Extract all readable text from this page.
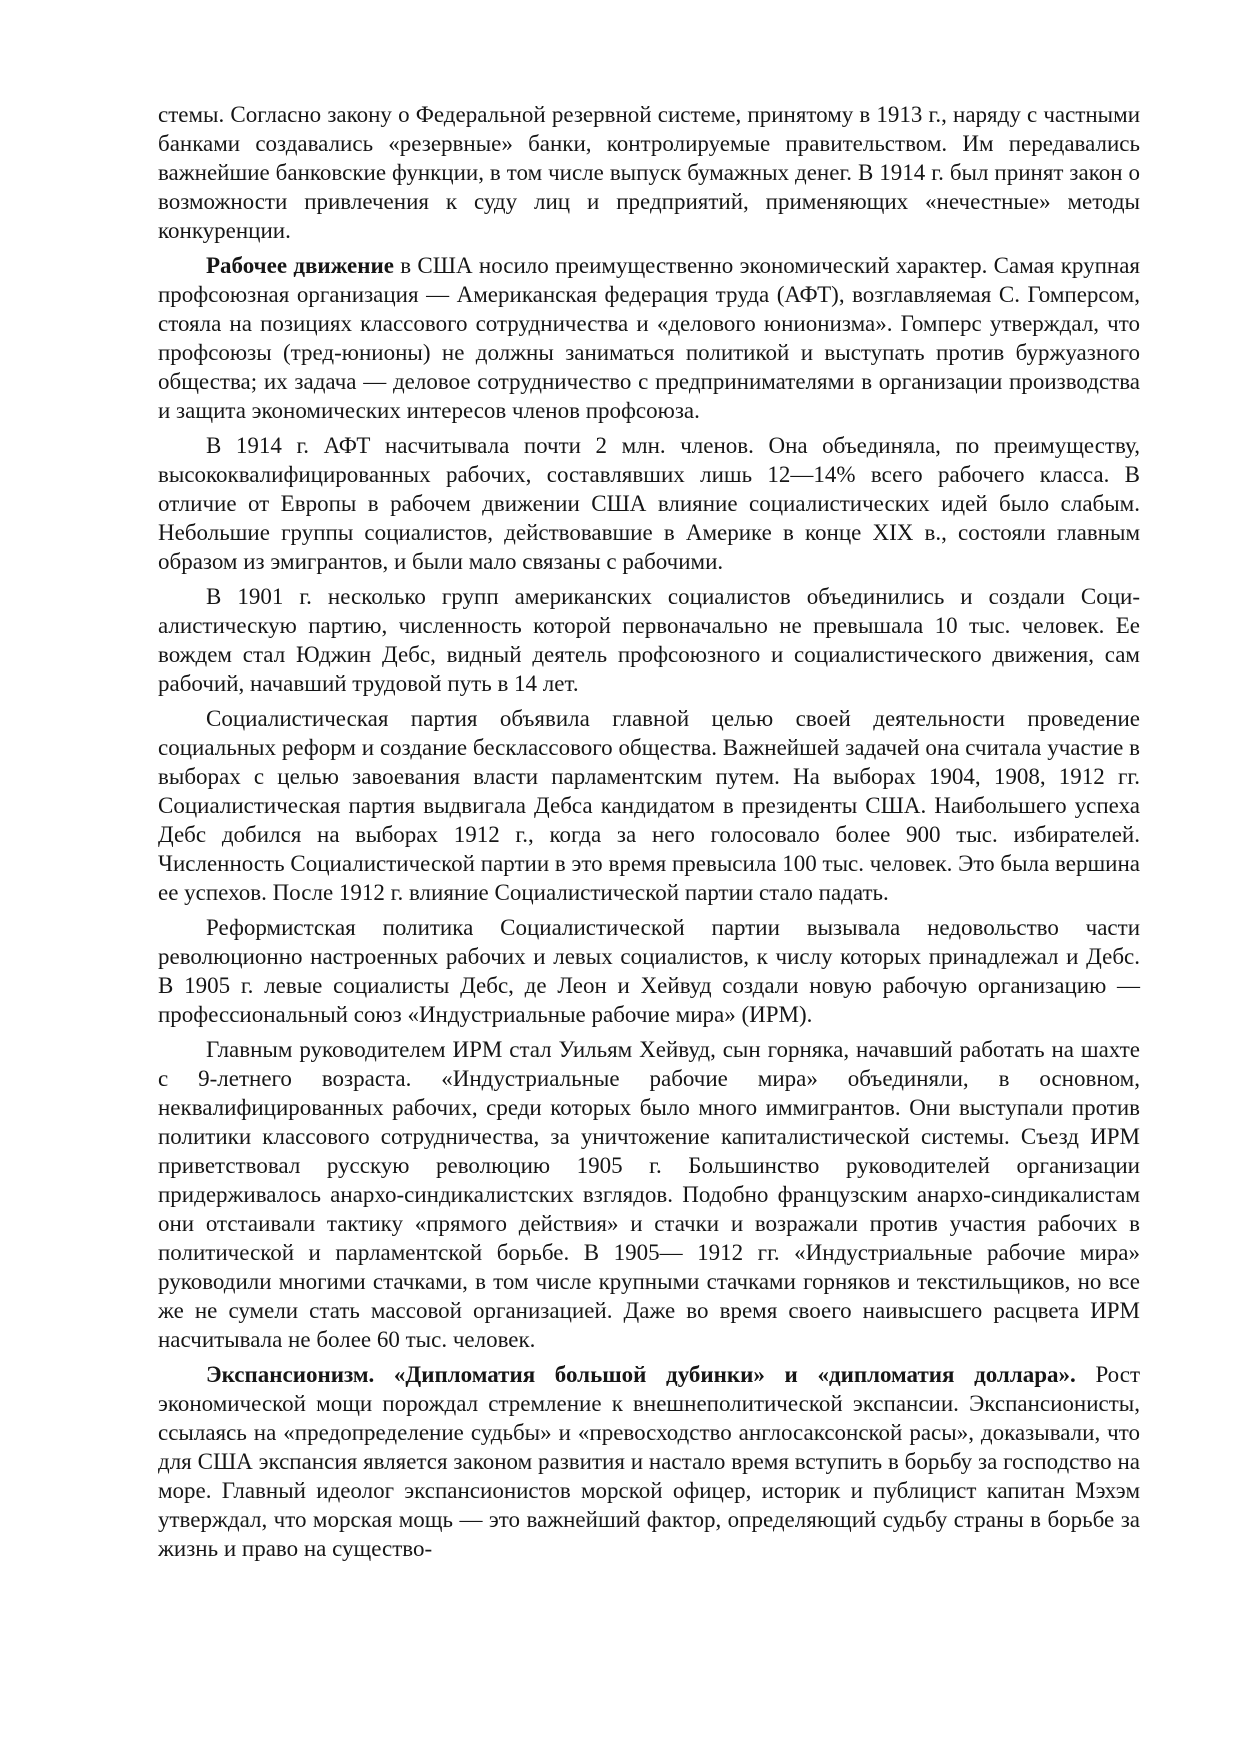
стемы. Согласно закону о Федеральной резервной системе, принятому в 1913 г., наряду с частными банками создавались «резервные» банки, контролируемые правительством. Им передавались важнейшие банковские функции, в том числе выпуск бумажных денег. В 1914 г. был принят закон о возможности привлечения к суду лиц и предприятий, применяющих «нечестные» методы конкуренции.

Рабочее движение в США носило преимущественно экономический характер. Самая крупная профсоюзная организация — Американская федерация труда (АФТ), возглавляемая С. Гомперсом, стояла на позициях классового сотрудничества и «делового юнионизма». Гомперс утверждал, что профсоюзы (тред-юнионы) не должны заниматься политикой и выступать против буржуазного общества; их задача — деловое сотрудничество с предпринимателями в организации производства и защита экономических интересов членов профсоюза.

В 1914 г. АФТ насчитывала почти 2 млн. членов. Она объединяла, по преимуществу, высококвалифицированных рабочих, составлявших лишь 12—14% всего рабочего класса. В отличие от Европы в рабочем движении США влияние социалистических идей было слабым. Небольшие группы социалистов, действовавшие в Америке в конце XIX в., состояли главным образом из эмигрантов, и были мало связаны с рабочими.

В 1901 г. несколько групп американских социалистов объединились и создали Социалистическую партию, численность которой первоначально не превышала 10 тыс. человек. Ее вождем стал Юджин Дебс, видный деятель профсоюзного и социалистического движения, сам рабочий, начавший трудовой путь в 14 лет.

Социалистическая партия объявила главной целью своей деятельности проведение социальных реформ и создание бесклассового общества. Важнейшей задачей она считала участие в выборах с целью завоевания власти парламентским путем. На выборах 1904, 1908, 1912 гг. Социалистическая партия выдвигала Дебса кандидатом в президенты США. Наибольшего успеха Дебс добился на выборах 1912 г., когда за него голосовало более 900 тыс. избирателей. Численность Социалистической партии в это время превысила 100 тыс. человек. Это была вершина ее успехов. После 1912 г. влияние Социалистической партии стало падать.

Реформистская политика Социалистической партии вызывала недовольство части революционно настроенных рабочих и левых социалистов, к числу которых принадлежал и Дебс. В 1905 г. левые социалисты Дебс, де Леон и Хейвуд создали новую рабочую организацию — профессиональный союз «Индустриальные рабочие мира» (ИРМ).

Главным руководителем ИРМ стал Уильям Хейвуд, сын горняка, начавший работать на шахте с 9-летнего возраста. «Индустриальные рабочие мира» объединяли, в основном, неквалифицированных рабочих, среди которых было много иммигрантов. Они выступали против политики классового сотрудничества, за уничтожение капиталистической системы. Съезд ИРМ приветствовал русскую революцию 1905 г. Большинство руководителей организации придерживалось анархо-синдикалистских взглядов. Подобно французским анархо-синдикалистам они отстаивали тактику «прямого действия» и стачки и возражали против участия рабочих в политической и парламентской борьбе. В 1905— 1912 гг. «Индустриальные рабочие мира» руководили многими стачками, в том числе крупными стачками горняков и текстильщиков, но все же не сумели стать массовой организацией. Даже во время своего наивысшего расцвета ИРМ насчитывала не более 60 тыс. человек.

Экспансионизм. «Дипломатия большой дубинки» и «дипломатия доллара». Рост экономической мощи порождал стремление к внешнеполитической экспансии. Экспансионисты, ссылаясь на «предопределение судьбы» и «превосходство англосаксонской расы», доказывали, что для США экспансия является законом развития и настало время вступить в борьбу за господство на море. Главный идеолог экспансионистов морской офицер, историк и публицист капитан Мэхэм утверждал, что морская мощь — это важнейший фактор, определяющий судьбу страны в борьбе за жизнь и право на существо-
